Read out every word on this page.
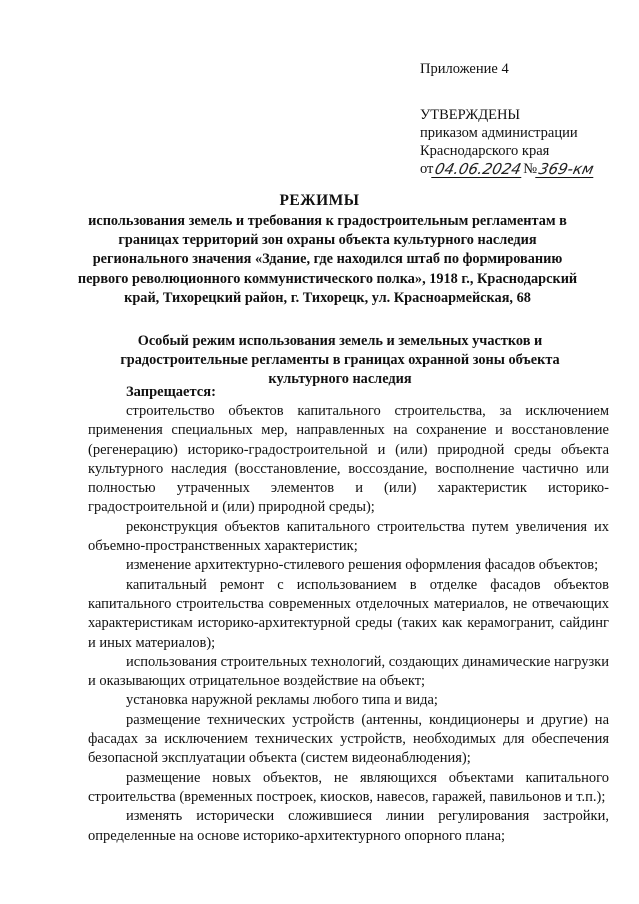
Приложение 4
УТВЕРЖДЕНЫ
приказом администрации
Краснодарского края
от 04.06.2024 № 369-км
РЕЖИМЫ
использования земель и требования к градостроительным регламентам в границах территорий зон охраны объекта культурного наследия регионального значения «Здание, где находился штаб по формированию первого революционного коммунистического полка», 1918 г., Краснодарский край, Тихорецкий район, г. Тихорецк, ул. Красноармейская, 68
Особый режим использования земель и земельных участков и градостроительные регламенты в границах охранной зоны объекта культурного наследия
Запрещается:

строительство объектов капитального строительства, за исключением применения специальных мер, направленных на сохранение и восстановление (регенерацию) историко-градостроительной и (или) природной среды объекта культурного наследия (восстановление, воссоздание, восполнение частично или полностью утраченных элементов и (или) характеристик историко-градостроительной и (или) природной среды);

реконструкция объектов капитального строительства путем увеличения их объемно-пространственных характеристик;

изменение архитектурно-стилевого решения оформления фасадов объектов;

капитальный ремонт с использованием в отделке фасадов объектов капитального строительства современных отделочных материалов, не отвечающих характеристикам историко-архитектурной среды (таких как керамогранит, сайдинг и иных материалов);

использования строительных технологий, создающих динамические нагрузки и оказывающих отрицательное воздействие на объект;

установка наружной рекламы любого типа и вида;

размещение технических устройств (антенны, кондиционеры и другие) на фасадах за исключением технических устройств, необходимых для обеспечения безопасной эксплуатации объекта (систем видеонаблюдения);

размещение новых объектов, не являющихся объектами капитального строительства (временных построек, киосков, навесов, гаражей, павильонов и т.п.);

изменять исторически сложившиеся линии регулирования застройки, определенные на основе историко-архитектурного опорного плана;
